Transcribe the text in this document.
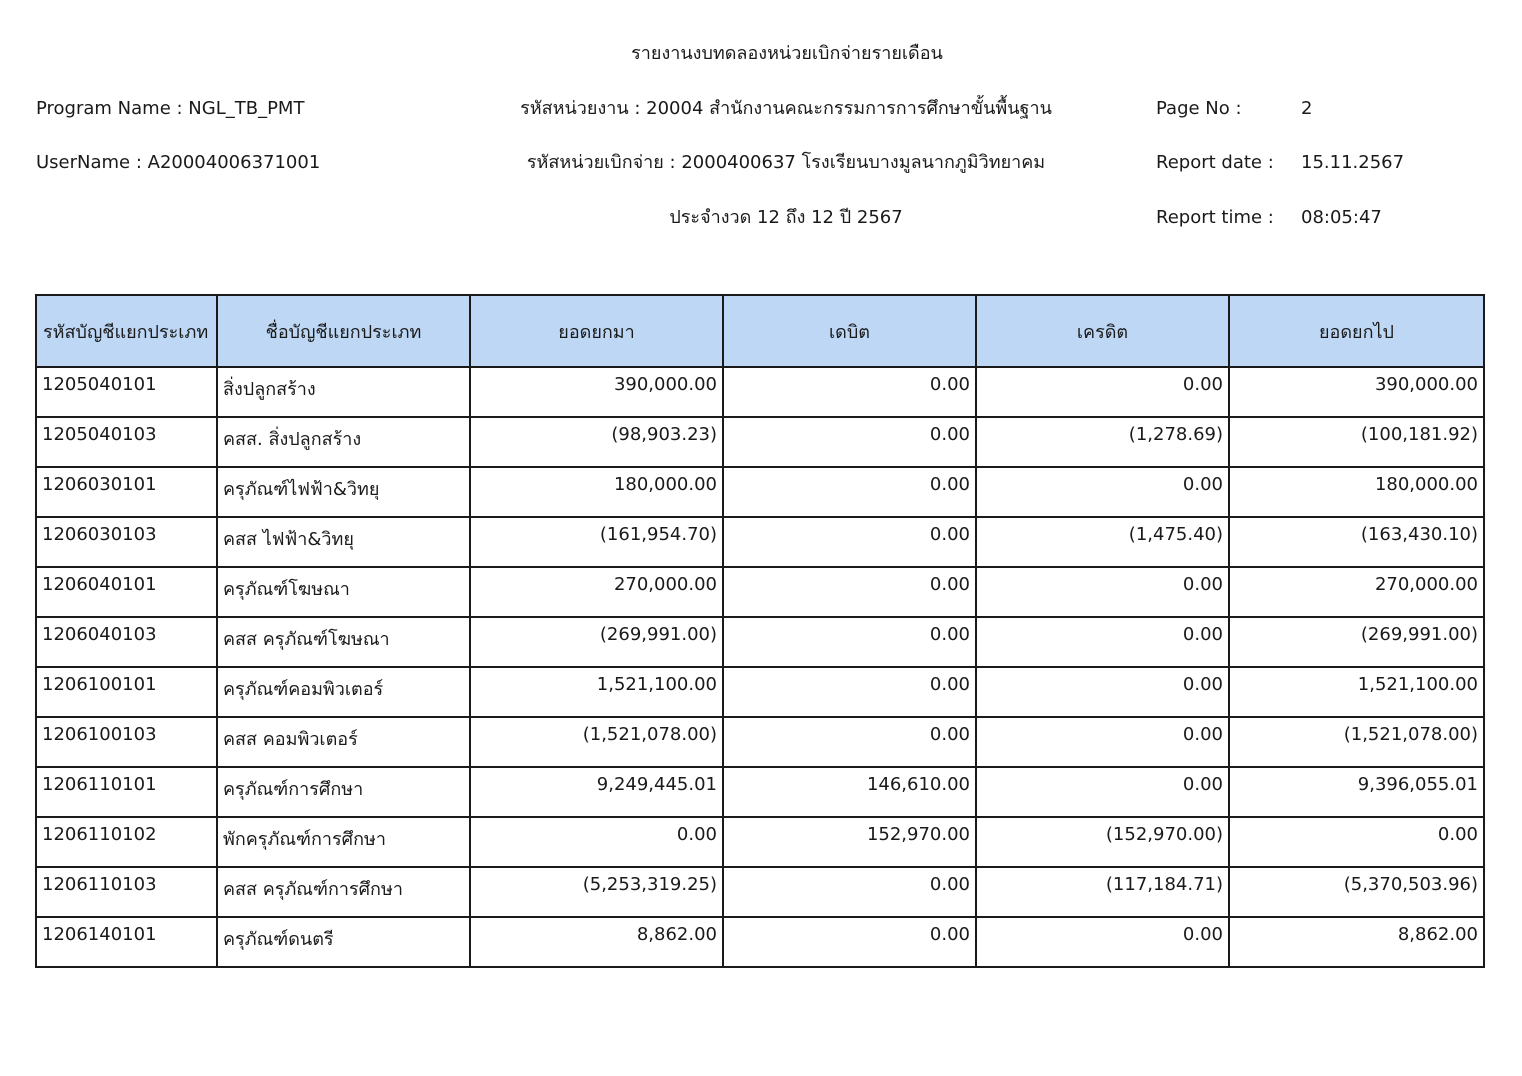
รายงานงบทดลองหน่วยเบิกจ่ายรายเดือน
Program Name : NGL_TB_PMT	รหัสหน่วยงาน : 20004 สำนักงานคณะกรรมการการศึกษาขั้นพื้นฐาน	Page No :	2
UserName : A20004006371001	รหัสหน่วยเบิกจ่าย : 2000400637 โรงเรียนบางมูลนากภูมิวิทยาคม	Report date : 15.11.2567
ประจำงวด 12 ถึง 12 ปี 2567	Report time : 08:05:47
รหัสบัญชีแยกประเภท	ชื่อบัญชีแยกประเภท	ยอดยกมา	เดบิต	เครดิต	ยอดยกไป
1205040101	สิ่งปลูกสร้าง	390,000.00	0.00	0.00	390,000.00
1205040103	คสส. สิ่งปลูกสร้าง	(98,903.23)	0.00	(1,278.69)	(100,181.92)
1206030101	ครุภัณฑ์ไฟฟ้า&วิทยุ	180,000.00	0.00	0.00	180,000.00
1206030103	คสส ไฟฟ้า&วิทยุ	(161,954.70)	0.00	(1,475.40)	(163,430.10)
1206040101	ครุภัณฑ์โฆษณา	270,000.00	0.00	0.00	270,000.00
1206040103	คสส ครุภัณฑ์โฆษณา	(269,991.00)	0.00	0.00	(269,991.00)
1206100101	ครุภัณฑ์คอมพิวเตอร์	1,521,100.00	0.00	0.00	1,521,100.00
1206100103	คสส คอมพิวเตอร์	(1,521,078.00)	0.00	0.00	(1,521,078.00)
1206110101	ครุภัณฑ์การศึกษา	9,249,445.01	146,610.00	0.00	9,396,055.01
1206110102	พักครุภัณฑ์การศึกษา	0.00	152,970.00	(152,970.00)	0.00
1206110103	คสส ครุภัณฑ์การศึกษา	(5,253,319.25)	0.00	(117,184.71)	(5,370,503.96)
1206140101	ครุภัณฑ์ดนตรี	8,862.00	0.00	0.00	8,862.00
